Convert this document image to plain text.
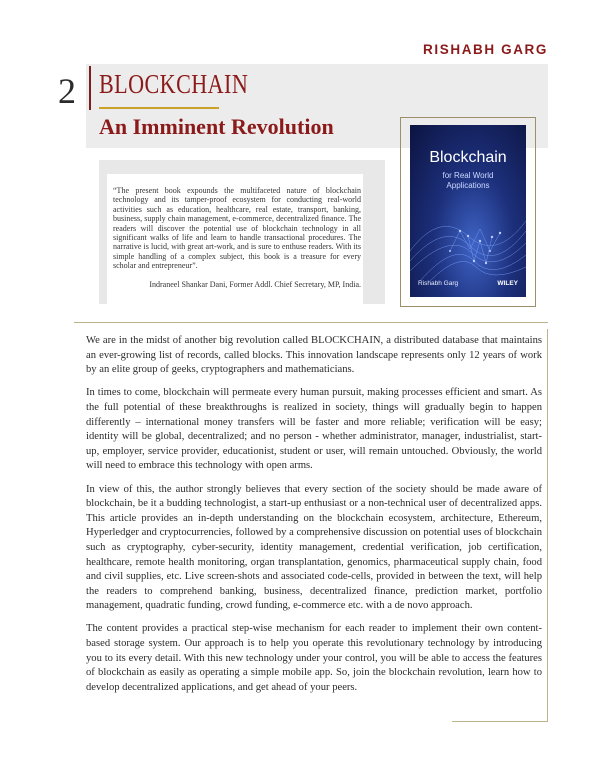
RISHABH GARG
2 BLOCKCHAIN
An Imminent Revolution
“The present book expounds the multifaceted nature of blockchain technology and its tamper-proof ecosystem for conducting real-world activities such as education, healthcare, real estate, transport, banking, business, supply chain management, e-commerce, decentralized finance. The readers will discover the potential use of blockchain technology in all significant walks of life and learn to handle transactional procedures. The narrative is lucid, with great art-work, and is sure to enthuse readers. With its simple handling of a complex subject, this book is a treasure for every scholar and entrepreneur”.
Indraneel Shankar Dani, Former Addl. Chief Secretary, MP, India.
Blockchain
for Real World
Applications
Rishabh Garg	WILEY

We are in the midst of another big revolution called BLOCKCHAIN, a distributed database that maintains an ever-growing list of records, called blocks. This innovation landscape represents only 12 years of work by an elite group of geeks, cryptographers and mathematicians.

In times to come, blockchain will permeate every human pursuit, making processes efficient and smart. As the full potential of these breakthroughs is realized in society, things will gradually begin to happen differently – international money transfers will be faster and more reliable; verification will be easy; identity will be global, decentralized; and no person - whether administrator, manager, industrialist, start-up, employer, service provider, educationist, student or user, will remain untouched. Obviously, the world will need to embrace this technology with open arms.

In view of this, the author strongly believes that every section of the society should be made aware of blockchain, be it a budding technologist, a start-up enthusiast or a non-technical user of decentralized apps. This article provides an in-depth understanding on the blockchain ecosystem, architecture, Ethereum, Hyperledger and cryptocurrencies, followed by a comprehensive discussion on potential uses of blockchain such as cryptography, cyber-security, identity management, credential verification, job certification, healthcare, remote health monitoring, organ transplantation, genomics, pharmaceutical supply chain, food and civil supplies, etc. Live screen-shots and associated code-cells, provided in between the text, will help the readers to comprehend banking, business, decentralized finance, prediction market, portfolio management, quadratic funding, crowd funding, e-commerce etc. with a de novo approach.

The content provides a practical step-wise mechanism for each reader to implement their own content-based storage system. Our approach is to help you operate this revolutionary technology by introducing you to its every detail. With this new technology under your control, you will be able to access the features of blockchain as easily as operating a simple mobile app. So, join the blockchain revolution, learn how to develop decentralized applications, and get ahead of your peers.
